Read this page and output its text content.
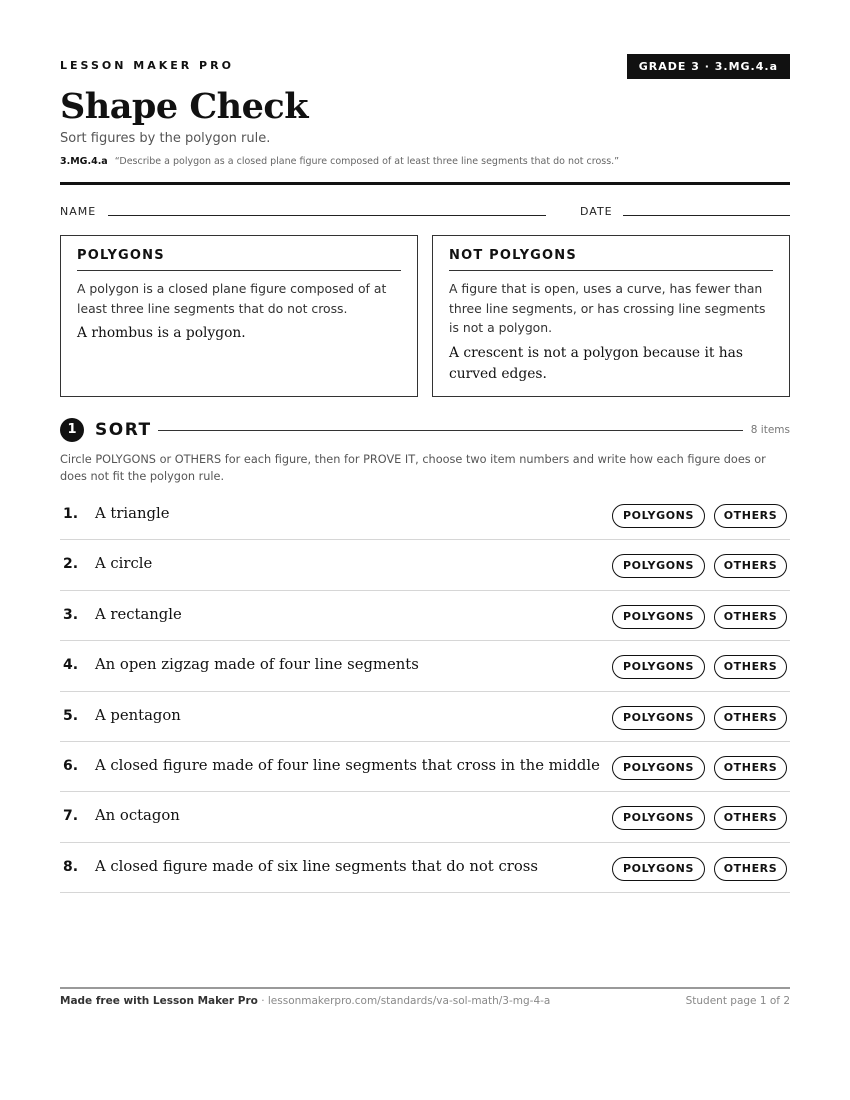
LESSON MAKER PRO	GRADE 3 · 3.MG.4.a
Shape Check
Sort figures by the polygon rule.
3.MG.4.a “Describe a polygon as a closed plane figure composed of at least three line segments that do not cross.”
NAME	DATE
POLYGONS
A polygon is a closed plane figure composed of at least three line segments that do not cross.
A rhombus is a polygon.
NOT POLYGONS
A figure that is open, uses a curve, has fewer than three line segments, or has crossing line segments is not a polygon.
A crescent is not a polygon because it has curved edges.
1	SORT	8 items
Circle POLYGONS or OTHERS for each figure, then for PROVE IT, choose two item numbers and write how each figure does or does not fit the polygon rule.
1. A triangle	POLYGONS	OTHERS
2. A circle	POLYGONS	OTHERS
3. A rectangle	POLYGONS	OTHERS
4. An open zigzag made of four line segments	POLYGONS	OTHERS
5. A pentagon	POLYGONS	OTHERS
6. A closed figure made of four line segments that cross in the middle	POLYGONS	OTHERS
7. An octagon	POLYGONS	OTHERS
8. A closed figure made of six line segments that do not cross	POLYGONS	OTHERS
Made free with Lesson Maker Pro · lessonmakerpro.com/standards/va-sol-math/3-mg-4-a	Student page 1 of 2
